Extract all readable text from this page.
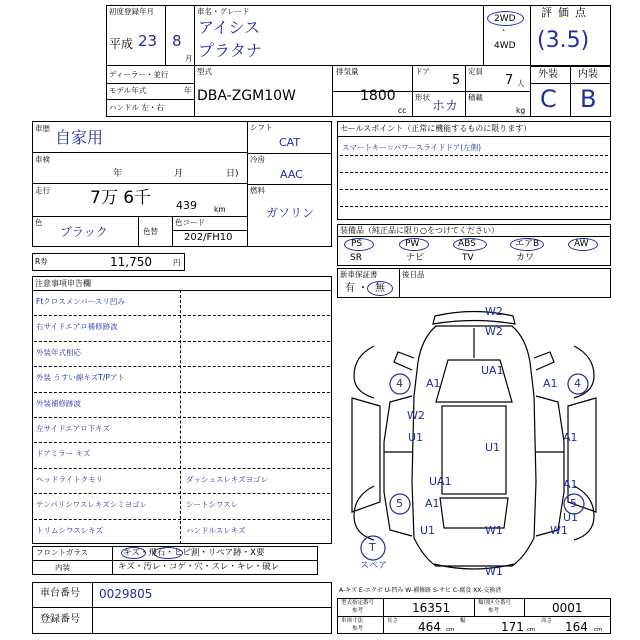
初度登録年月
平成 23 8
月
車名・グレード
アイシス
プラタナ
2WD
・
4WD
評価点
(3.5)
外装 内装
C B
ディーラー・並行
モデル年式	年
ハンドル 左・右
型式
DBA-ZGM10W
排気量
1800
cc
ドア
5
定員
7 人
形状
ホカ
積載
kg
車歴 自家用
車検
年	月	日)
走行 7万 6千 439 km
色
ブラック	色替
色コード
202/FH10
シフト
CAT
冷房
AAC
燃料
ガソリン
R券	11,750	円
セールスポイント（正常に機能するものに限ります）
スマートキー☆パワースライドドア(左側)
装備品（純正品に限り○をつけてください）
PS	PW	ABS	エアB	AW
SR	ナビ	TV	カワ
新車保証書
有 ・ 無
後日品
注意事項申告欄
Ftクロスメンバースリ凹み
右サイドエアロ補修跡波
外装年式相応
外装 うすい線キズT/Pアト
外装補修跡波
左サイドエアロ下キズ
ドアミラー キズ
ヘッドライトクモリ	ダッシュスレキズヨゴレ
テンパリシワスレキズシミヨゴレ	シートシワスレ
トリムシワスレキズ	ハンドルスレキズ
フロントガラス	キズ・飛石・ヒビ割・リペア跡・X要
内装	キズ・汚レ・コゲ・穴・スレ・キレ・破レ
車台番号 0029805
登録番号
W2
W2
UA1
4 A1	4
A1
W2
U1	A1
U1
UA1	A1
5 A1	5
U1
U1	W1	W1
W1
T
スペア
A-キズ E-エクボ U-凹み W-補修跡 S-サビ C-腐食 XX-交換済
型式指定番号
参考	16351	類別区分番号
参考	0001
車両寸法
参考
長さ 464 cm
幅	171 cm
高さ 164 cm
